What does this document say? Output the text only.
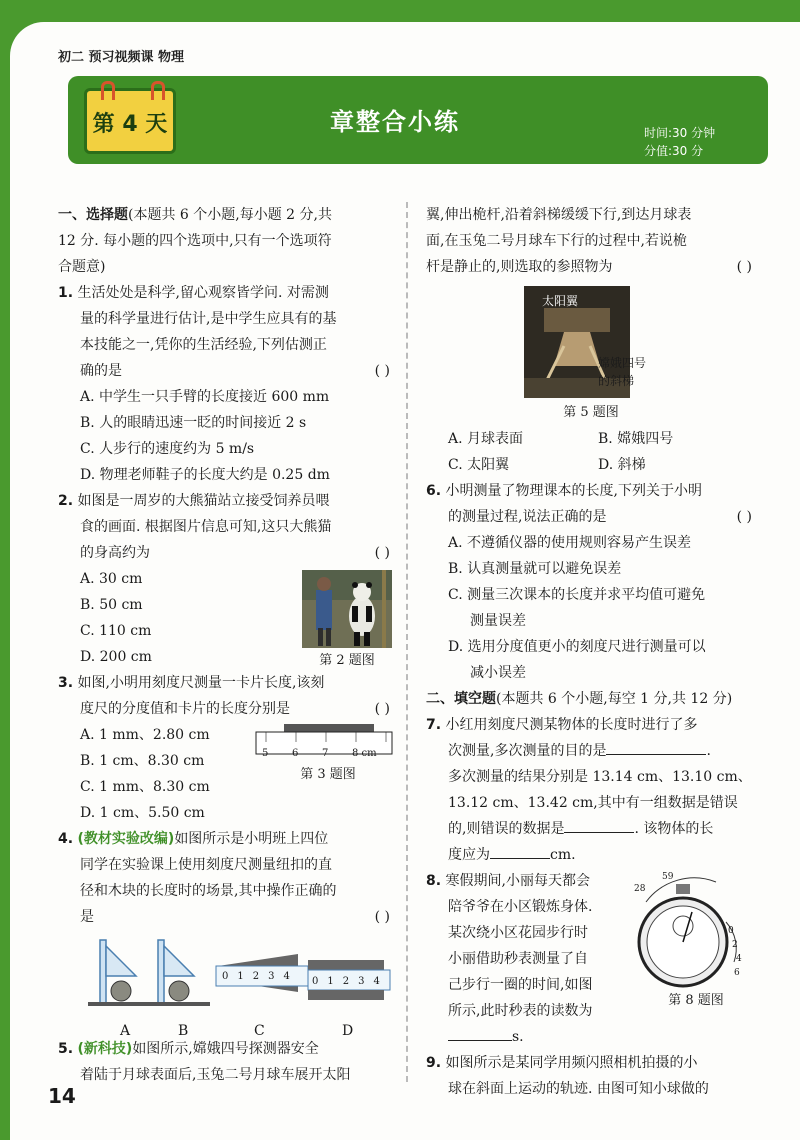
初二 预习视频课 物理
第 4 天	章整合小练	时间:30 分钟
分值:30 分

一、选择题(本题共 6 个小题,每小题 2 分,共

12 分. 每小题的四个选项中,只有一个选项符

合题意)

1. 生活处处是科学,留心观察皆学问. 对需测

量的科学量进行估计,是中学生应具有的基

本技能之一,凭你的生活经验,下列估测正

确的是	( )

A. 中学生一只手臂的长度接近 600 mm

B. 人的眼睛迅速一眨的时间接近 2 s

C. 人步行的速度约为 5 m/s

D. 物理老师鞋子的长度大约是 0.25 dm

2. 如图是一周岁的大熊猫站立接受饲养员喂

食的画面. 根据图片信息可知,这只大熊猫

的身高约为	( )

A. 30 cm

B. 50 cm

C. 110 cm

D. 200 cm	第 2 题图

3. 如图,小明用刻度尺测量一卡片长度,该刻

度尺的分度值和卡片的长度分别是	( )

A. 1 mm、2.80 cm

B. 1 cm、8.30 cm

C. 1 mm、8.30 cm

D. 1 cm、5.50 cm

5 6 7 8 cm
第 3 题图

4. (教材实验改编)如图所示是小明班上四位

同学在实验课上使用刻度尺测量纽扣的直

径和木块的长度时的场景,其中操作正确的

是	( )

A	B	C	D
01234 01234

5. (新科技)如图所示,嫦娥四号探测器安全

着陆于月球表面后,玉兔二号月球车展开太阳

翼,伸出桅杆,沿着斜梯缓缓下行,到达月球表

面,在玉兔二号月球车下行的过程中,若说桅

杆是静止的,则选取的参照物为	( )

太阳翼
嫦娥四号
的斜梯

第 5 题图

A. 月球表面	B. 嫦娥四号
C. 太阳翼	D. 斜梯

6. 小明测量了物理课本的长度,下列关于小明

的测量过程,说法正确的是	( )

A. 不遵循仪器的使用规则容易产生误差

B. 认真测量就可以避免误差

C. 测量三次课本的长度并求平均值可避免

测量误差

D. 选用分度值更小的刻度尺进行测量可以

减小误差

二、填空题(本题共 6 个小题,每空 1 分,共 12 分)

7. 小红用刻度尺测某物体的长度时进行了多

次测量,多次测量的目的是	.

多次测量的结果分别是 13.14 cm、13.10 cm、

13.12 cm、13.42 cm,其中有一组数据是错误

的,则错误的数据是	. 该物体的长

度应为	cm.

8. 寒假期间,小丽每天都会

陪爷爷在小区锻炼身体.

某次绕小区花园步行时

小丽借助秒表测量了自

己步行一圈的时间,如图

所示,此时秒表的读数为

s.

59
28
0
2
4
6
第 8 题图

9. 如图所示是某同学用频闪照相机拍摄的小

球在斜面上运动的轨迹. 由图可知小球做的

14
